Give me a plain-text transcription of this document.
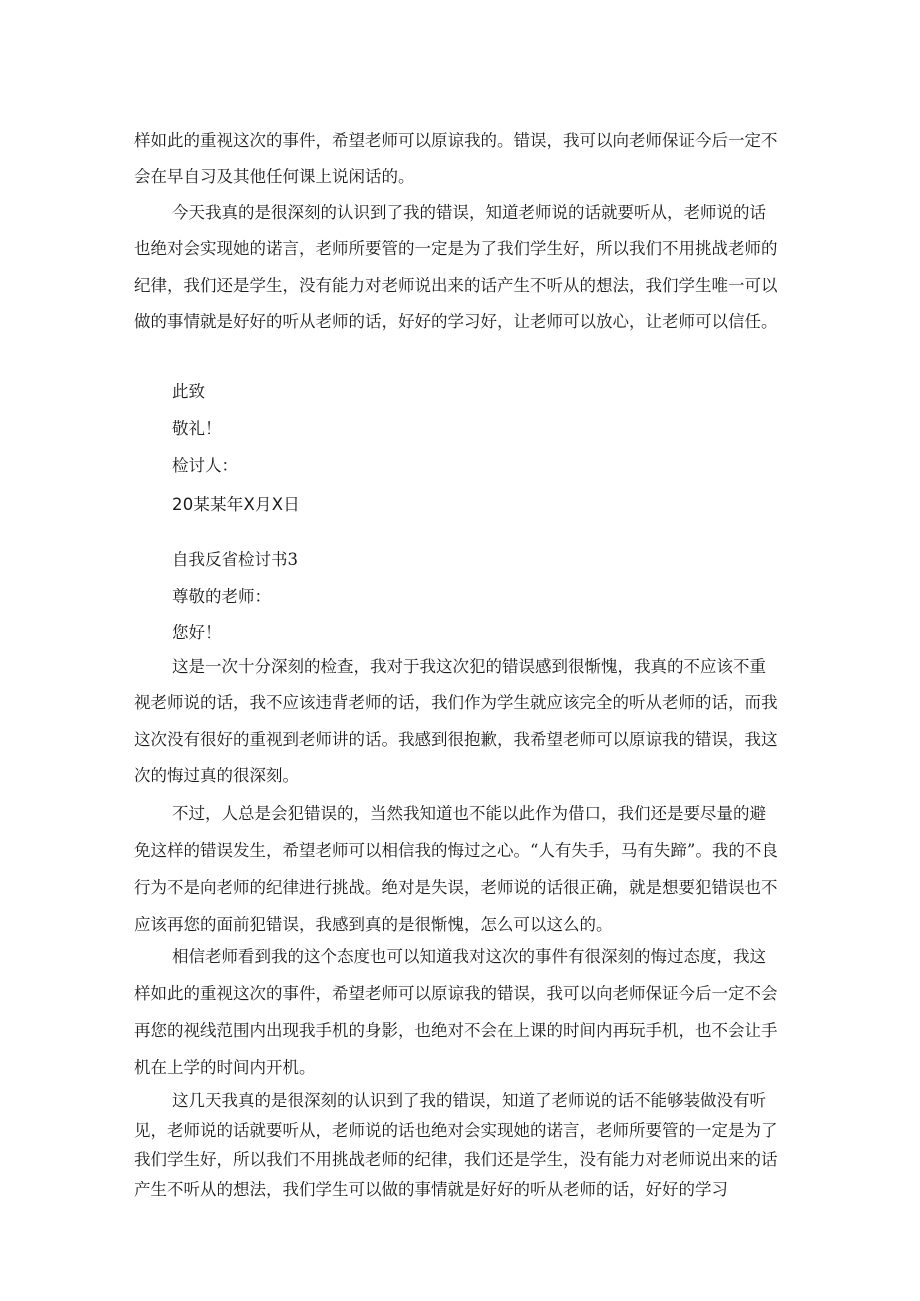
样如此的重视这次的事件，希望老师可以原谅我的。错误，我可以向老师保证今后一定不会在早自习及其他任何课上说闲话的。

今天我真的是很深刻的认识到了我的错误，知道老师说的话就要听从，老师说的话也绝对会实现她的诺言，老师所要管的一定是为了我们学生好，所以我们不用挑战老师的纪律，我们还是学生，没有能力对老师说出来的话产生不听从的想法，我们学生唯一可以做的事情就是好好的听从老师的话，好好的学习好，让老师可以放心，让老师可以信任。

此致

敬礼！

检讨人：

20某某年X月X日

自我反省检讨书3

尊敬的老师：

您好！

这是一次十分深刻的检查，我对于我这次犯的错误感到很惭愧，我真的不应该不重视老师说的话，我不应该违背老师的话，我们作为学生就应该完全的听从老师的话，而我这次没有很好的重视到老师讲的话。我感到很抱歉，我希望老师可以原谅我的错误，我这次的悔过真的很深刻。

不过，人总是会犯错误的，当然我知道也不能以此作为借口，我们还是要尽量的避免这样的错误发生，希望老师可以相信我的悔过之心。“人有失手，马有失蹄”。我的不良行为不是向老师的纪律进行挑战。绝对是失误，老师说的话很正确，就是想要犯错误也不应该再您的面前犯错误，我感到真的是很惭愧，怎么可以这么的。

相信老师看到我的这个态度也可以知道我对这次的事件有很深刻的悔过态度，我这样如此的重视这次的事件，希望老师可以原谅我的错误，我可以向老师保证今后一定不会再您的视线范围内出现我手机的身影，也绝对不会在上课的时间内再玩手机，也不会让手机在上学的时间内开机。

这几天我真的是很深刻的认识到了我的错误，知道了老师说的话不能够装做没有听见，老师说的话就要听从，老师说的话也绝对会实现她的诺言，老师所要管的一定是为了我们学生好，所以我们不用挑战老师的纪律，我们还是学生，没有能力对老师说出来的话产生不听从的想法，我们学生可以做的事情就是好好的听从老师的话，好好的学习
